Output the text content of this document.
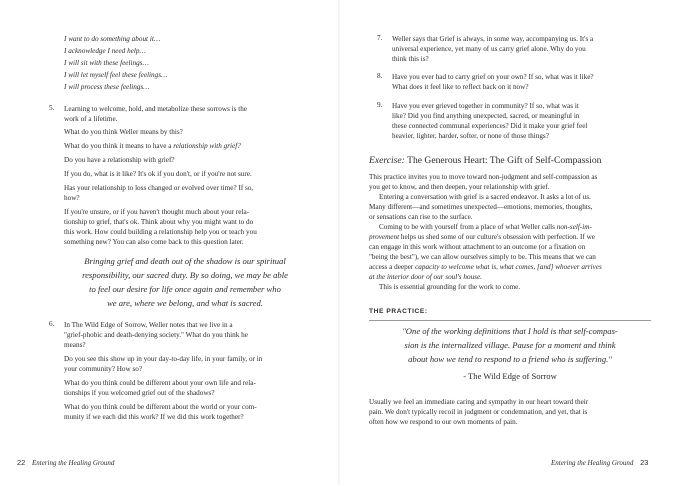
I want to do something about it…
I acknowledge I need help…
I will sit with these feelings…
I will let myself feel these feelings…
I will process these feelings…
5. Learning to welcome, hold, and metabolize these sorrows is the
work of a lifetime.
What do you think Weller means by this?
What do you think it means to have a relationship with grief?
Do you have a relationship with grief?
If you do, what is it like? It's ok if you don't, or if you're not sure.
Has your relationship to loss changed or evolved over time? If so,
how?
If you're unsure, or if you haven't thought much about your rela-
tionship to grief, that's ok. Think about why you might want to do
this work. How could building a relationship help you or teach you
something new? You can also come back to this question later.
Bringing grief and death out of the shadow is our spiritual
responsibility, our sacred duty. By so doing, we may be able
to feel our desire for life once again and remember who
we are, where we belong, and what is sacred.
6. In The Wild Edge of Sorrow, Weller notes that we live in a
"grief-phobic and death-denying society." What do you think he
means?
Do you see this show up in your day-to-day life, in your family, or in
your community? How so?
What do you think could be different about your own life and rela-
tionships if you welcomed grief out of the shadows?
What do you think could be different about the world or your com-
munity if we each did this work? If we did this work together?
22 Entering the Healing Ground
7. Weller says that Grief is always, in some way, accompanying us. It's a
universal experience, yet many of us carry grief alone. Why do you
think this is?
8. Have you ever had to carry grief on your own? If so, what was it like?
What does it feel like to reflect back on it now?
9. Have you ever grieved together in community? If so, what was it
like? Did you find anything unexpected, sacred, or meaningful in
these connected communal experiences? Did it make your grief feel
heavier, lighter, harder, softer, or none of those things?
Exercise: The Generous Heart: The Gift of Self-Compassion
This practice invites you to move toward non-judgment and self-compassion as
you get to know, and then deepen, your relationship with grief.
Entering a conversation with grief is a sacred endeavor. It asks a lot of us.
Many different—and sometimes unexpected—emotions, memories, thoughts,
or sensations can rise to the surface.
Coming to be with yourself from a place of what Weller calls non-self-im-
provement helps us shed some of our culture's obsession with perfection. If we
can engage in this work without attachment to an outcome (or a fixation on
"being the best"), we can allow ourselves simply to be. This means that we can
access a deeper capacity to welcome what is, what comes, [and] whoever arrives
at the interior door of our soul's house.
This is essential grounding for the work to come.
THE PRACTICE:
"One of the working definitions that I hold is that self-compas-
sion is the internalized village. Pause for a moment and think
about how we tend to respond to a friend who is suffering."
- The Wild Edge of Sorrow
Usually we feel an immediate caring and sympathy in our heart toward their
pain. We don't typically recoil in judgment or condemnation, and yet, that is
often how we respond to our own moments of pain.
Entering the Healing Ground 23
